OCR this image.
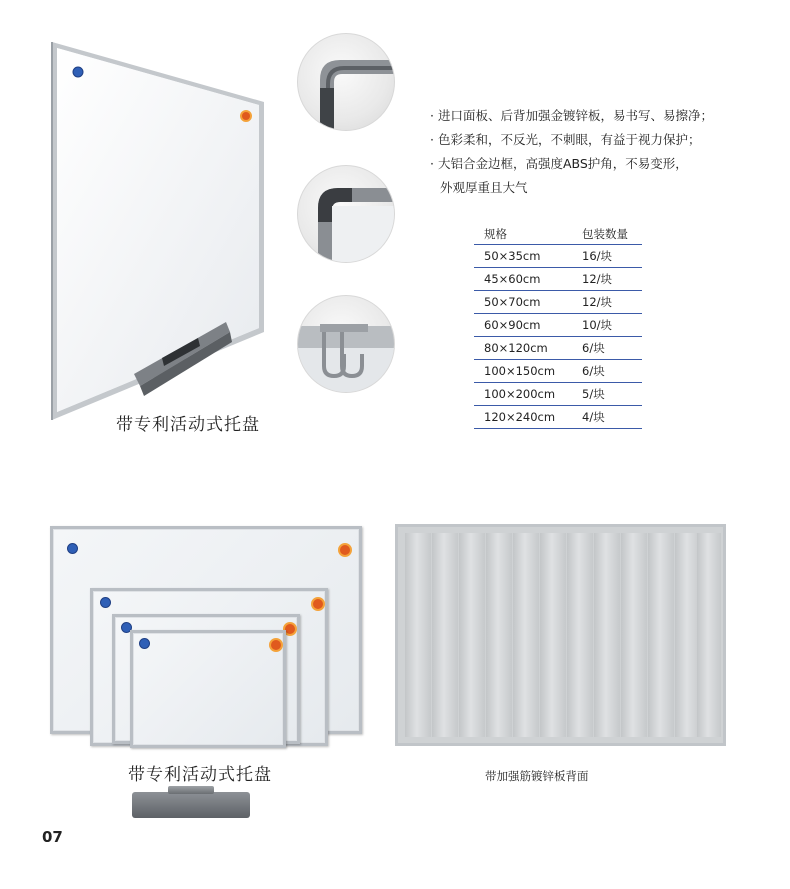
带专利活动式托盘
· 进口面板、后背加强金镀锌板，易书写、易擦净；
· 色彩柔和，不反光，不刺眼，有益于视力保护；
· 大铝合金边框，高强度ABS护角，不易变形，
外观厚重且大气
规格	包装数量
50×35cm	16/块
45×60cm	12/块
50×70cm	12/块
60×90cm	10/块
80×120cm	6/块
100×150cm	6/块
100×200cm	5/块
120×240cm	4/块
带专利活动式托盘	带加强筋镀锌板背面
07
